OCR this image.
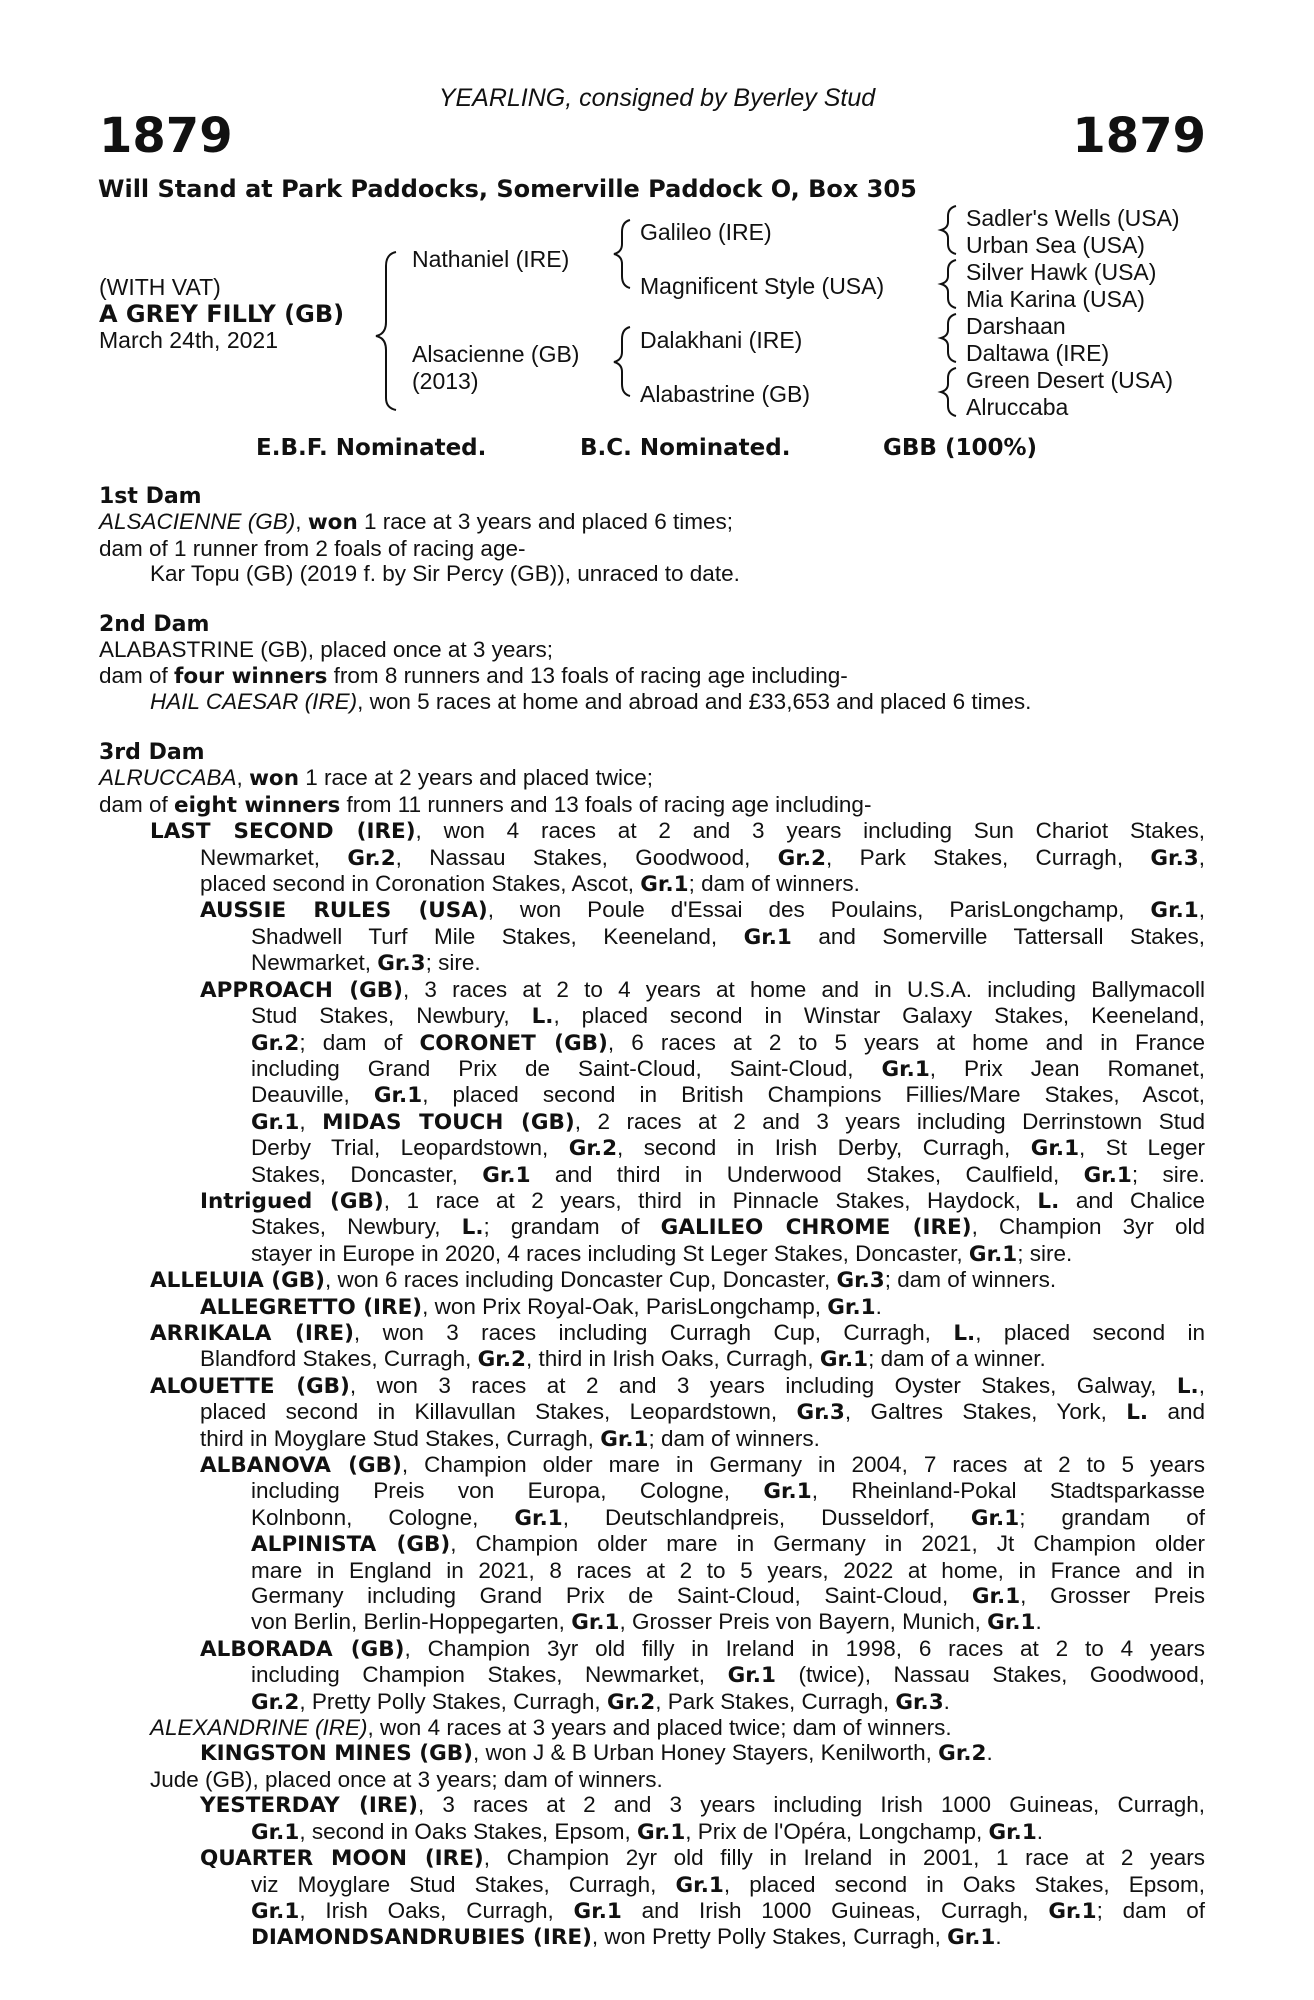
YEARLING, consigned by Byerley Stud
1879	1879
Will Stand at Park Paddocks, Somerville Paddock O, Box 305
(WITH VAT)
A GREY FILLY (GB)
March 24th, 2021
Nathaniel (IRE)
Alsacienne (GB)
(2013)
Galileo (IRE)
Magnificent Style (USA)
Dalakhani (IRE)
Alabastrine (GB)
Sadler's Wells (USA)
Urban Sea (USA)
Silver Hawk (USA)
Mia Karina (USA)
Darshaan
Daltawa (IRE)
Green Desert (USA)
Alruccaba
E.B.F. Nominated.	B.C. Nominated.	GBB (100%)
1st Dam
ALSACIENNE (GB), won 1 race at 3 years and placed 6 times;
dam of 1 runner from 2 foals of racing age-
Kar Topu (GB) (2019 f. by Sir Percy (GB)), unraced to date.
2nd Dam
ALABASTRINE (GB), placed once at 3 years;
dam of four winners from 8 runners and 13 foals of racing age including-
HAIL CAESAR (IRE), won 5 races at home and abroad and £33,653 and placed 6 times.
3rd Dam
ALRUCCABA, won 1 race at 2 years and placed twice;
dam of eight winners from 11 runners and 13 foals of racing age including-
LAST SECOND (IRE), won 4 races at 2 and 3 years including Sun Chariot Stakes,
Newmarket, Gr.2, Nassau Stakes, Goodwood, Gr.2, Park Stakes, Curragh, Gr.3,
placed second in Coronation Stakes, Ascot, Gr.1; dam of winners.
AUSSIE RULES (USA), won Poule d'Essai des Poulains, ParisLongchamp, Gr.1,
Shadwell Turf Mile Stakes, Keeneland, Gr.1 and Somerville Tattersall Stakes,
Newmarket, Gr.3; sire.
APPROACH (GB), 3 races at 2 to 4 years at home and in U.S.A. including Ballymacoll
Stud Stakes, Newbury, L., placed second in Winstar Galaxy Stakes, Keeneland,
Gr.2; dam of CORONET (GB), 6 races at 2 to 5 years at home and in France
including Grand Prix de Saint-Cloud, Saint-Cloud, Gr.1, Prix Jean Romanet,
Deauville, Gr.1, placed second in British Champions Fillies/Mare Stakes, Ascot,
Gr.1, MIDAS TOUCH (GB), 2 races at 2 and 3 years including Derrinstown Stud
Derby Trial, Leopardstown, Gr.2, second in Irish Derby, Curragh, Gr.1, St Leger
Stakes, Doncaster, Gr.1 and third in Underwood Stakes, Caulfield, Gr.1; sire.
Intrigued (GB), 1 race at 2 years, third in Pinnacle Stakes, Haydock, L. and Chalice
Stakes, Newbury, L.; grandam of GALILEO CHROME (IRE), Champion 3yr old
stayer in Europe in 2020, 4 races including St Leger Stakes, Doncaster, Gr.1; sire.
ALLELUIA (GB), won 6 races including Doncaster Cup, Doncaster, Gr.3; dam of winners.
ALLEGRETTO (IRE), won Prix Royal-Oak, ParisLongchamp, Gr.1.
ARRIKALA (IRE), won 3 races including Curragh Cup, Curragh, L., placed second in
Blandford Stakes, Curragh, Gr.2, third in Irish Oaks, Curragh, Gr.1; dam of a winner.
ALOUETTE (GB), won 3 races at 2 and 3 years including Oyster Stakes, Galway, L.,
placed second in Killavullan Stakes, Leopardstown, Gr.3, Galtres Stakes, York, L. and
third in Moyglare Stud Stakes, Curragh, Gr.1; dam of winners.
ALBANOVA (GB), Champion older mare in Germany in 2004, 7 races at 2 to 5 years
including Preis von Europa, Cologne, Gr.1, Rheinland-Pokal Stadtsparkasse
Kolnbonn, Cologne, Gr.1, Deutschlandpreis, Dusseldorf, Gr.1; grandam of
ALPINISTA (GB), Champion older mare in Germany in 2021, Jt Champion older
mare in England in 2021, 8 races at 2 to 5 years, 2022 at home, in France and in
Germany including Grand Prix de Saint-Cloud, Saint-Cloud, Gr.1, Grosser Preis
von Berlin, Berlin-Hoppegarten, Gr.1, Grosser Preis von Bayern, Munich, Gr.1.
ALBORADA (GB), Champion 3yr old filly in Ireland in 1998, 6 races at 2 to 4 years
including Champion Stakes, Newmarket, Gr.1 (twice), Nassau Stakes, Goodwood,
Gr.2, Pretty Polly Stakes, Curragh, Gr.2, Park Stakes, Curragh, Gr.3.
ALEXANDRINE (IRE), won 4 races at 3 years and placed twice; dam of winners.
KINGSTON MINES (GB), won J & B Urban Honey Stayers, Kenilworth, Gr.2.
Jude (GB), placed once at 3 years; dam of winners.
YESTERDAY (IRE), 3 races at 2 and 3 years including Irish 1000 Guineas, Curragh,
Gr.1, second in Oaks Stakes, Epsom, Gr.1, Prix de l'Opéra, Longchamp, Gr.1.
QUARTER MOON (IRE), Champion 2yr old filly in Ireland in 2001, 1 race at 2 years
viz Moyglare Stud Stakes, Curragh, Gr.1, placed second in Oaks Stakes, Epsom,
Gr.1, Irish Oaks, Curragh, Gr.1 and Irish 1000 Guineas, Curragh, Gr.1; dam of
DIAMONDSANDRUBIES (IRE), won Pretty Polly Stakes, Curragh, Gr.1.
